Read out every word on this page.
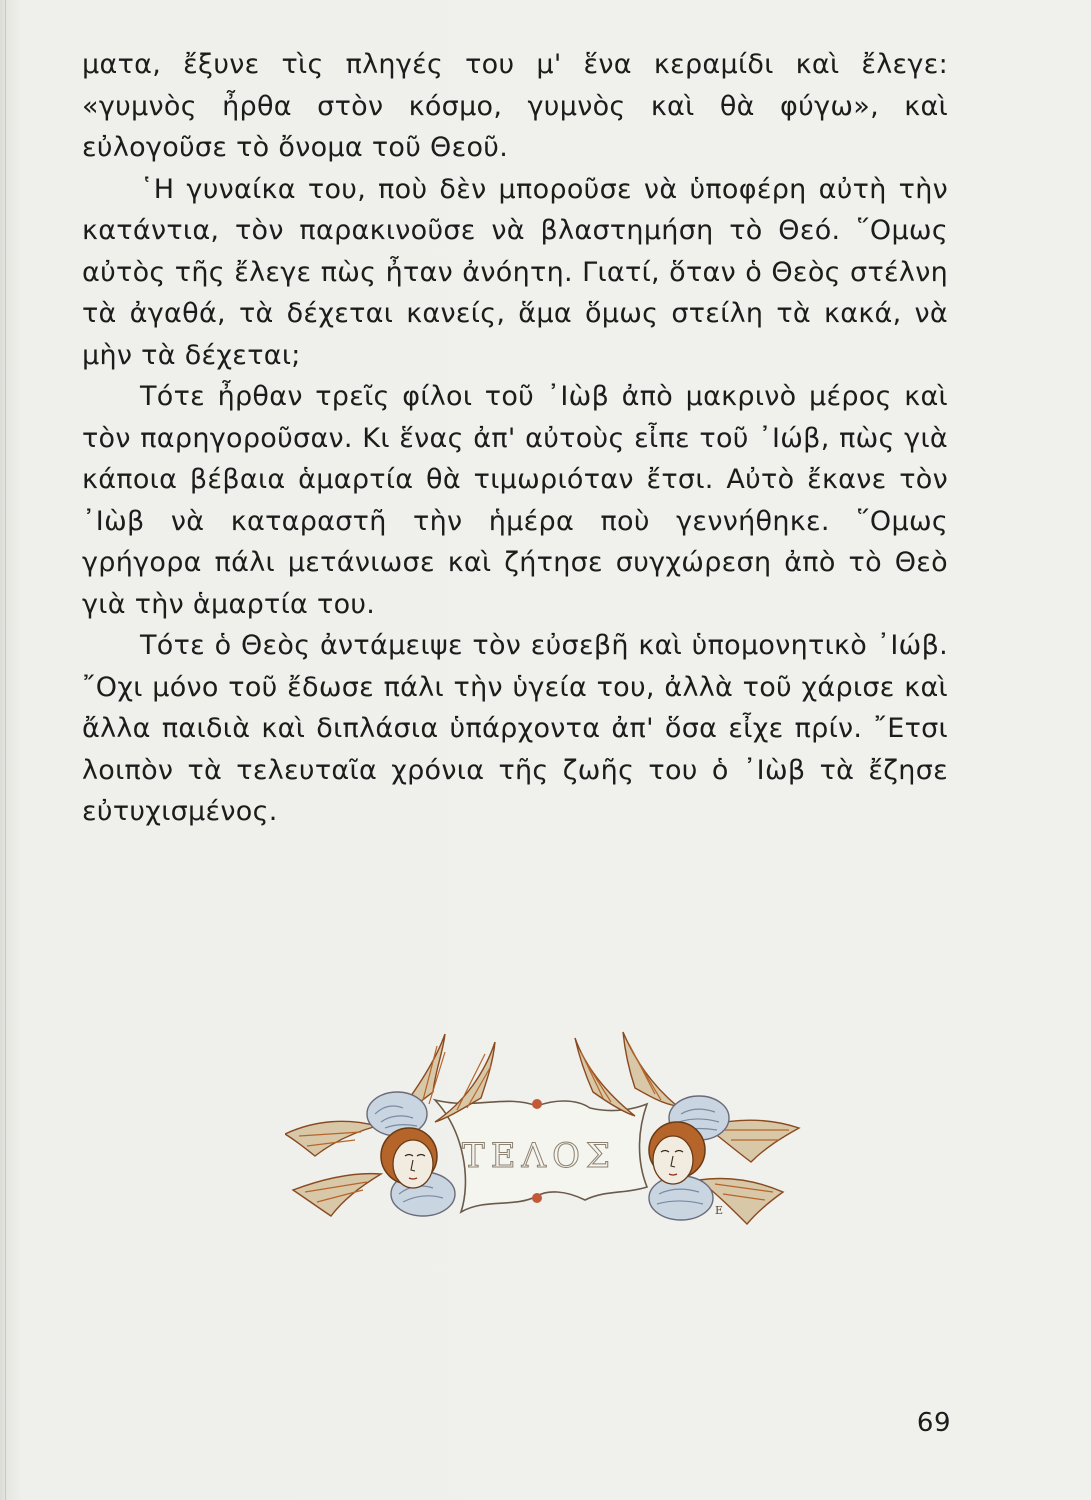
ματα, ἔξυνε τὶς πληγές του μ' ἕνα κεραμίδι καὶ ἔλεγε: «γυμνὸς ἦρθα στὸν κόσμο, γυμνὸς καὶ θὰ φύγω», καὶ εὐλογοῦσε τὸ ὄνομα τοῦ Θεοῦ.

῾Η γυναίκα του, ποὺ δὲν μποροῦσε νὰ ὑποφέρη αὐτὴ τὴν κατάντια, τὸν παρακινοῦσε νὰ βλαστημήση τὸ Θεό. ῞Ομως αὐτὸς τῆς ἔλεγε πὼς ἦταν ἀνόητη. Γιατί, ὅταν ὁ Θεὸς στέλνη τὰ ἀγαθά, τὰ δέχεται κανείς, ἅμα ὅμως στείλη τὰ κακά, νὰ μὴν τὰ δέχεται;

Τότε ἦρθαν τρεῖς φίλοι τοῦ ᾿Ιὼβ ἀπὸ μακρινὸ μέρος καὶ τὸν παρηγοροῦσαν. Κι ἕνας ἀπ' αὐτοὺς εἶπε τοῦ ᾿Ιώβ, πὼς γιὰ κάποια βέβαια ἁμαρτία θὰ τιμωριόταν ἔτσι. Αὐτὸ ἔκανε τὸν ᾿Ιὼβ νὰ καταραστῆ τὴν ἡμέρα ποὺ γεννήθηκε. ῞Ομως γρήγορα πάλι μετάνιωσε καὶ ζήτησε συγχώρεση ἀπὸ τὸ Θεὸ γιὰ τὴν ἁμαρτία του.

Τότε ὁ Θεὸς ἀντάμειψε τὸν εὐσεβῆ καὶ ὑπομονητικὸ ᾿Ιώβ. ῎Οχι μόνο τοῦ ἔδωσε πάλι τὴν ὑγεία του, ἀλλὰ τοῦ χάρισε καὶ ἄλλα παιδιὰ καὶ διπλάσια ὑπάρχοντα ἀπ' ὅσα εἶχε πρίν. ῎Ετσι λοιπὸν τὰ τελευταῖα χρόνια τῆς ζωῆς του ὁ ᾿Ιὼβ τὰ ἔζησε εὐτυχισμένος.

ΤΕΛΟΣ
Ε
69
